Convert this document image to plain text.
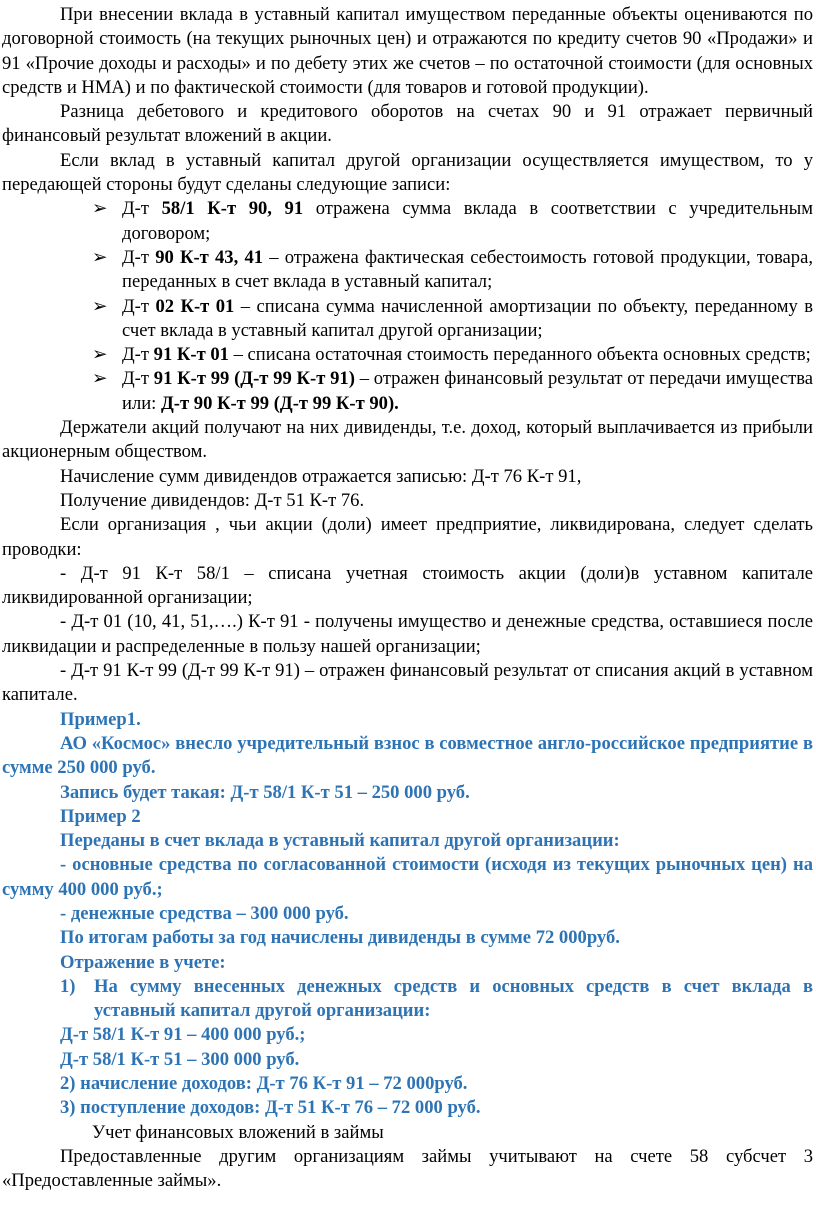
При внесении вклада в уставный капитал имуществом переданные объекты оцениваются по договорной стоимость (на текущих рыночных цен) и отражаются по кредиту счетов 90 «Продажи» и 91 «Прочие доходы и расходы» и по дебету этих же счетов – по остаточной стоимости (для основных средств и НМА) и по фактической стоимости (для товаров и готовой продукции).

Разница дебетового и кредитового оборотов на счетах 90 и 91 отражает первичный финансовый результат вложений в акции.

Если вклад в уставный капитал другой организации осуществляется имуществом, то у передающей стороны будут сделаны следующие записи:

➢ Д-т 58/1 К-т 90, 91 отражена сумма вклада в соответствии с учредительным договором;
➢ Д-т 90 К-т 43, 41 – отражена фактическая себестоимость готовой продукции, товара, переданных в счет вклада в уставный капитал;
➢ Д-т 02 К-т 01 – списана сумма начисленной амортизации по объекту, переданному в счет вклада в уставный капитал другой организации;
➢ Д-т 91 К-т 01 – списана остаточная стоимость переданного объекта основных средств;
➢ Д-т 91 К-т 99 (Д-т 99 К-т 91) – отражен финансовый результат от передачи имущества или: Д-т 90 К-т 99 (Д-т 99 К-т 90).

Держатели акций получают на них дивиденды, т.е. доход, который выплачивается из прибыли акционерным обществом.

Начисление сумм дивидендов отражается записью: Д-т 76 К-т 91,

Получение дивидендов: Д-т 51 К-т 76.

Если организация , чьи акции (доли) имеет предприятие, ликвидирована, следует сделать проводки:

- Д-т 91 К-т 58/1 – списана учетная стоимость акции (доли)в уставном капитале ликвидированной организации;

- Д-т 01 (10, 41, 51,….) К-т 91 - получены имущество и денежные средства, оставшиеся после ликвидации и распределенные в пользу нашей организации;

- Д-т 91 К-т 99 (Д-т 99 К-т 91) – отражен финансовый результат от списания акций в уставном капитале.

Пример1.

АО «Космос» внесло учредительный взнос в совместное англо-российское предприятие в сумме 250 000 руб.

Запись будет такая: Д-т 58/1 К-т 51 – 250 000 руб.

Пример 2

Переданы в счет вклада в уставный капитал другой организации:

- основные средства по согласованной стоимости (исходя из текущих рыночных цен) на сумму 400 000 руб.;

- денежные средства – 300 000 руб.

По итогам работы за год начислены дивиденды в сумме 72 000руб.

Отражение в учете:

1) На сумму внесенных денежных средств и основных средств в счет вклада в уставный капитал другой организации:

Д-т 58/1 К-т 91 – 400 000 руб.;

Д-т 58/1 К-т 51 – 300 000 руб.

2) начисление доходов: Д-т 76 К-т 91 – 72 000руб.

3) поступление доходов: Д-т 51 К-т 76 – 72 000 руб.

Учет финансовых вложений в займы

Предоставленные другим организациям займы учитывают на счете 58 субсчет 3 «Предоставленные займы».
